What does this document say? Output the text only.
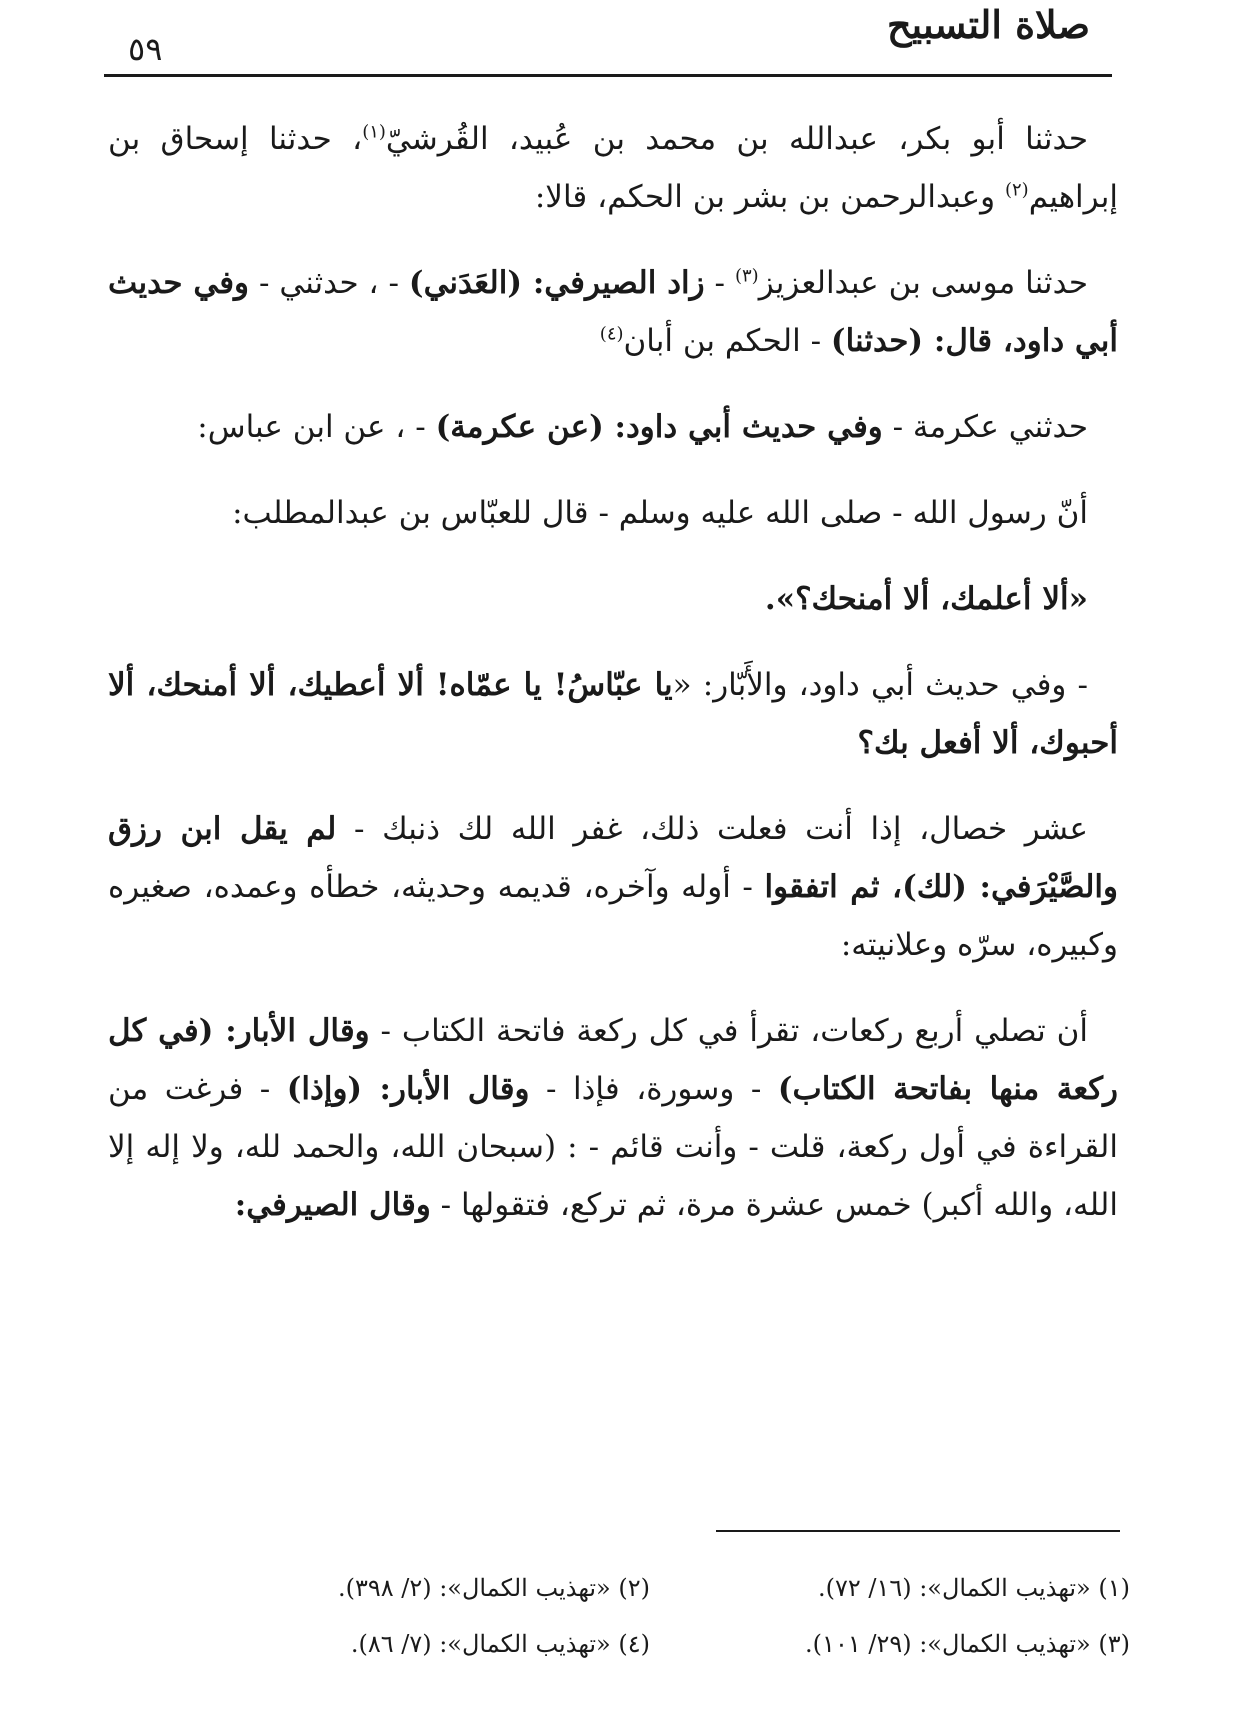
صلاة التسبيح
٥٩

حدثنا أبو بكر، عبدالله بن محمد بن عُبيد، القُرشيّ$^{(١)}$، حدثنا إسحاق بن إبراهيم$^{(٢)}$ وعبدالرحمن بن بشر بن الحكم، قالا:

حدثنا موسى بن عبدالعزيز$^{(٣)}$ - زاد الصيرفي: (العَدَني) - ، حدثني - وفي حديث أبي داود، قال: (حدثنا) - الحكم بن أبان$^{(٤)}$

حدثني عكرمة - وفي حديث أبي داود: (عن عكرمة) - ، عن ابن عباس:

أنّ رسول الله - صلى الله عليه وسلم - قال للعبّاس بن عبدالمطلب:

«ألا أعلمك، ألا أمنحك؟».

- وفي حديث أبي داود، والأَبّار: «يا عبّاسُ! يا عمّاه! ألا أعطيك، ألا أمنحك، ألا أحبوك، ألا أفعل بك؟

عشر خصال، إذا أنت فعلت ذلك، غفر الله لك ذنبك - لم يقل ابن رزق والصَّيْرَفي: (لك)، ثم اتفقوا - أوله وآخره، قديمه وحديثه، خطأه وعمده، صغيره وكبيره، سرّه وعلانيته:

أن تصلي أربع ركعات، تقرأ في كل ركعة فاتحة الكتاب - وقال الأبار: (في كل ركعة منها بفاتحة الكتاب) - وسورة، فإذا - وقال الأبار: (وإذا) - فرغت من القراءة في أول ركعة، قلت - وأنت قائم - : (سبحان الله، والحمد لله، ولا إله إلا الله، والله أكبر) خمس عشرة مرة، ثم تركع، فتقولها - وقال الصيرفي:

(١) «تهذيب الكمال»: (١٦/ ٧٢).
(٢) «تهذيب الكمال»: (٢/ ٣٩٨).
(٣) «تهذيب الكمال»: (٢٩/ ١٠١).
(٤) «تهذيب الكمال»: (٧/ ٨٦).
